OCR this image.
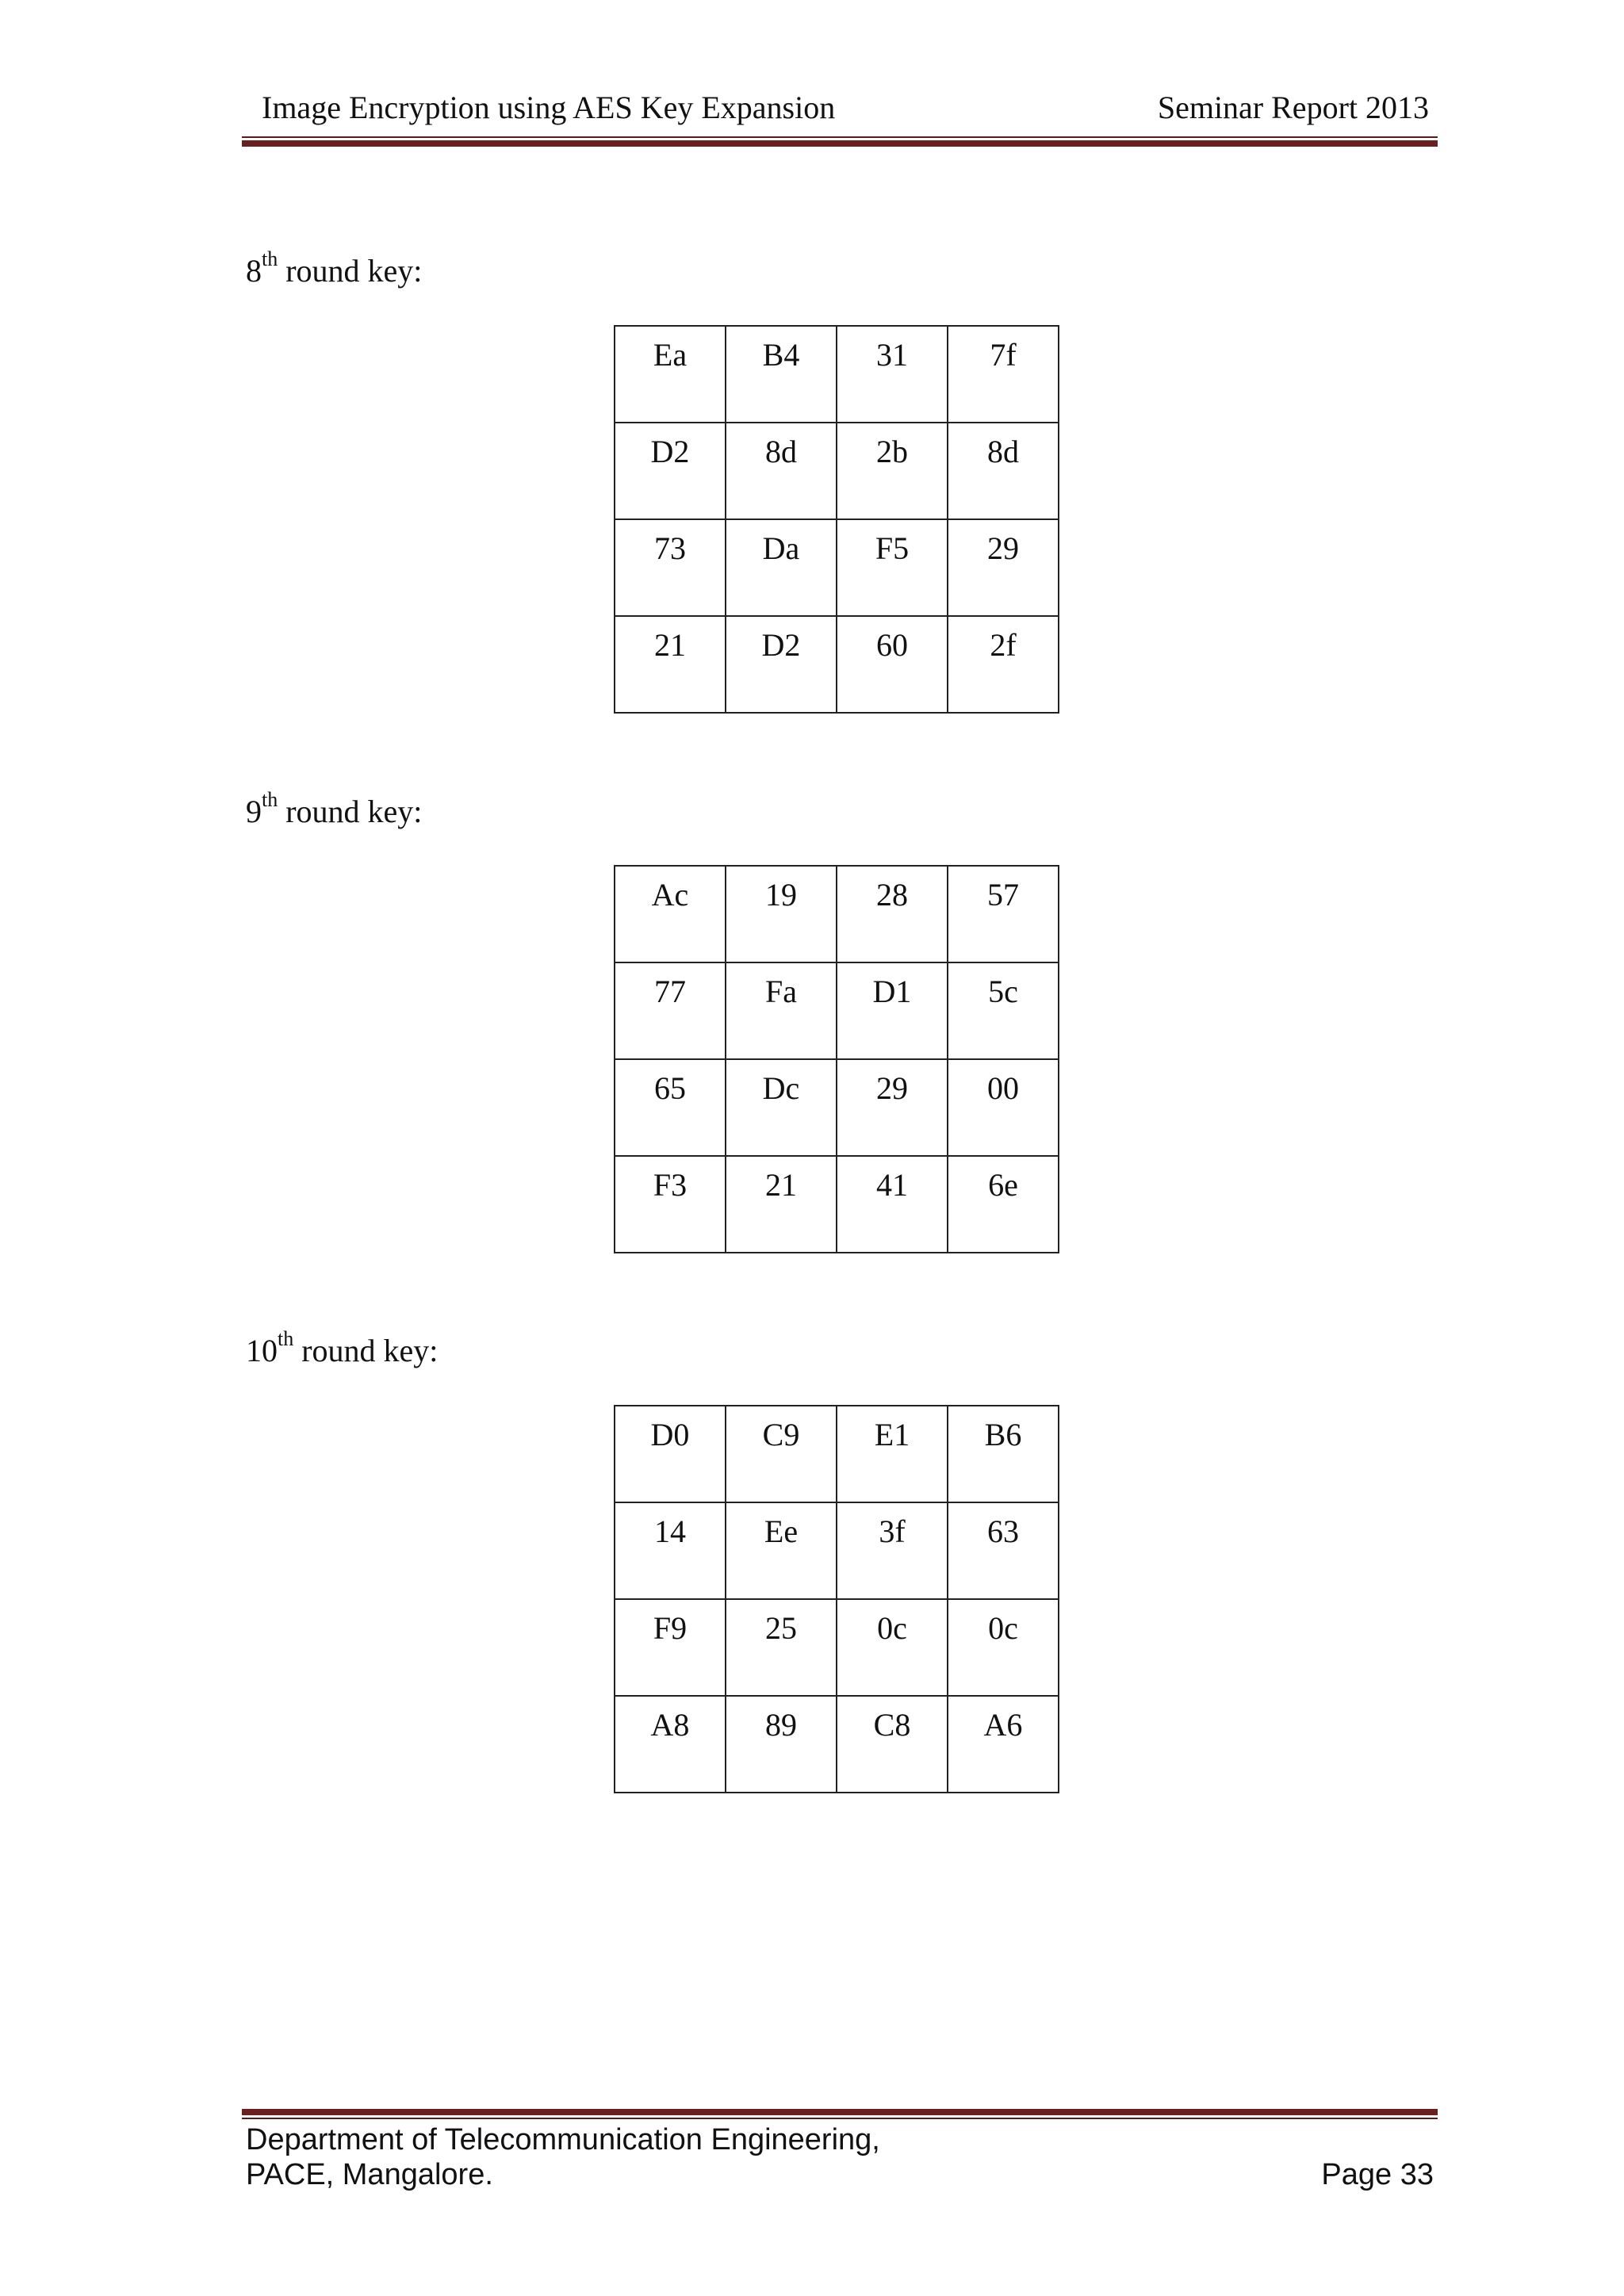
Image Encryption using AES Key Expansion	Seminar Report 2013
8th round key:
Ea	B4	31	7f
D2	8d	2b	8d
73	Da	F5	29
21	D2	60	2f
9th round key:
Ac	19	28	57
77	Fa	D1	5c
65	Dc	29	00
F3	21	41	6e
10th round key:
D0	C9	E1	B6
14	Ee	3f	63
F9	25	0c	0c
A8	89	C8	A6
Department of Telecommunication Engineering,
PACE, Mangalore.	Page 33
